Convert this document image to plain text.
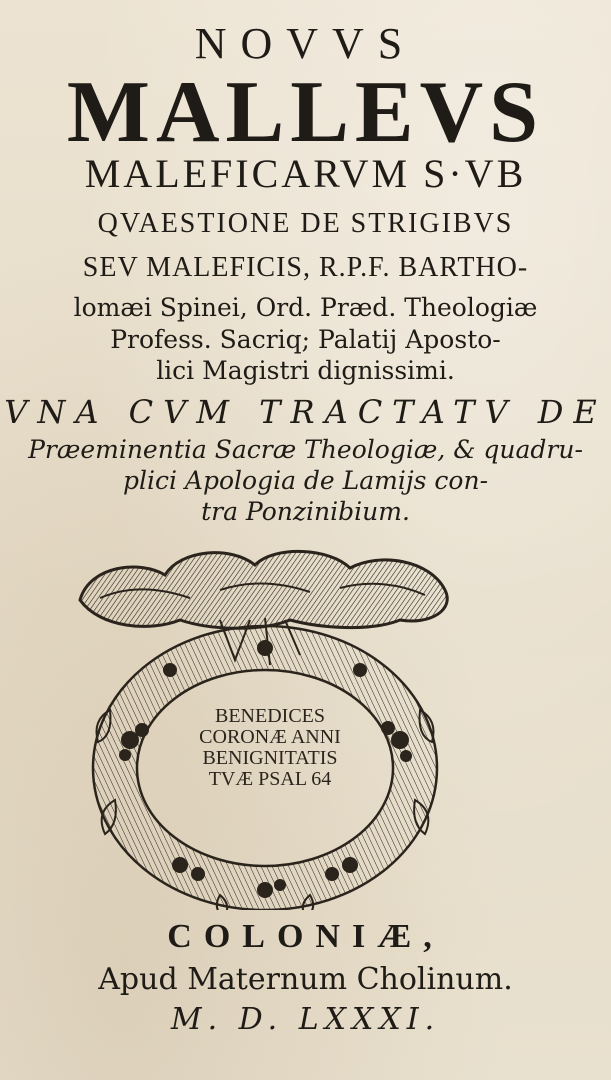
NOVVS
MALLEVS
MALEFICARVM S·VB
QVAESTIONE DE STRIGIBVS
SEV MALEFICIS, R.P.F. BARTHO-
lomæi Spinei, Ord. Præd. Theologiæ
Profess. Sacriq; Palatij Aposto-
lici Magistri dignissimi.
VNA CVM TRACTATV DE
Præeminentia Sacræ Theologiæ, & quadru-
plici Apologia de Lamijs con-
tra Ponzinibium.
BENEDICES
CORONÆ ANNI
BENIGNITATIS
TVÆ PSAL 64
COLONIÆ,
Apud Maternum Cholinum.
M. D. LXXXI.
